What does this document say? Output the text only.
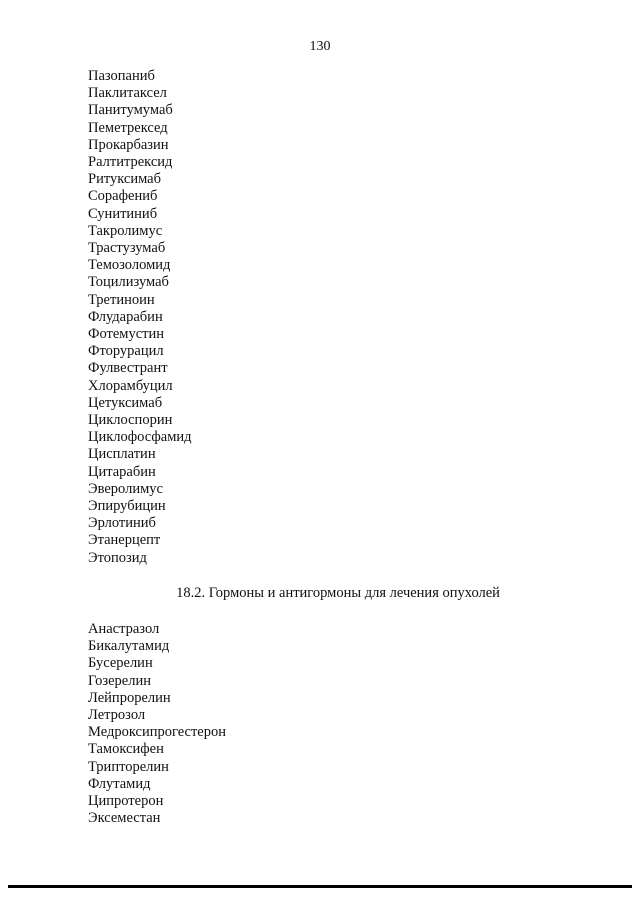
130
Пазопаниб
Паклитаксел
Панитумумаб
Пеметрексед
Прокарбазин
Ралтитрексид
Ритуксимаб
Сорафениб
Сунитиниб
Такролимус
Трастузумаб
Темозоломид
Тоцилизумаб
Третиноин
Флударабин
Фотемустин
Фторурацил
Фулвестрант
Хлорамбуцил
Цетуксимаб
Циклоспорин
Циклофосфамид
Цисплатин
Цитарабин
Эверолимус
Эпирубицин
Эрлотиниб
Этанерцепт
Этопозид
18.2. Гормоны и антигормоны для лечения опухолей
Анастразол
Бикалутамид
Бусерелин
Гозерелин
Лейпрорелин
Летрозол
Медроксипрогестерон
Тамоксифен
Трипторелин
Флутамид
Ципротерон
Эксеместан
